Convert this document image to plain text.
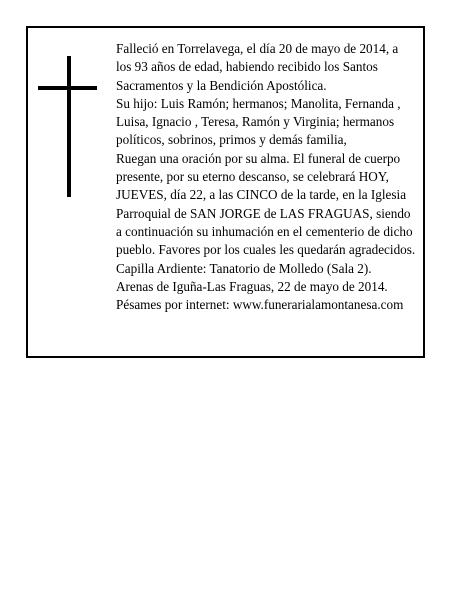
Falleció en Torrelavega, el día 20 de mayo de 2014, a los 93 años de edad, habiendo recibido los Santos Sacramentos y la Bendición Apostólica.

Su hijo: Luis Ramón; hermanos; Manolita, Fernanda , Luisa, Ignacio , Teresa, Ramón y Virginia; hermanos políticos, sobrinos, primos y demás familia,

Ruegan una oración por su alma. El funeral de cuerpo presente, por su eterno descanso, se celebrará HOY, JUEVES, día 22, a las CINCO de la tarde, en la Iglesia Parroquial de SAN JORGE de LAS FRAGUAS, siendo a continuación su inhumación en el cementerio de dicho pueblo. Favores por los cuales les quedarán agradecidos. Capilla Ardiente: Tanatorio de Molledo (Sala 2).

Arenas de Iguña-Las Fraguas, 22 de mayo de 2014.

Pésames por internet: www.funerarialamontanesa.com
